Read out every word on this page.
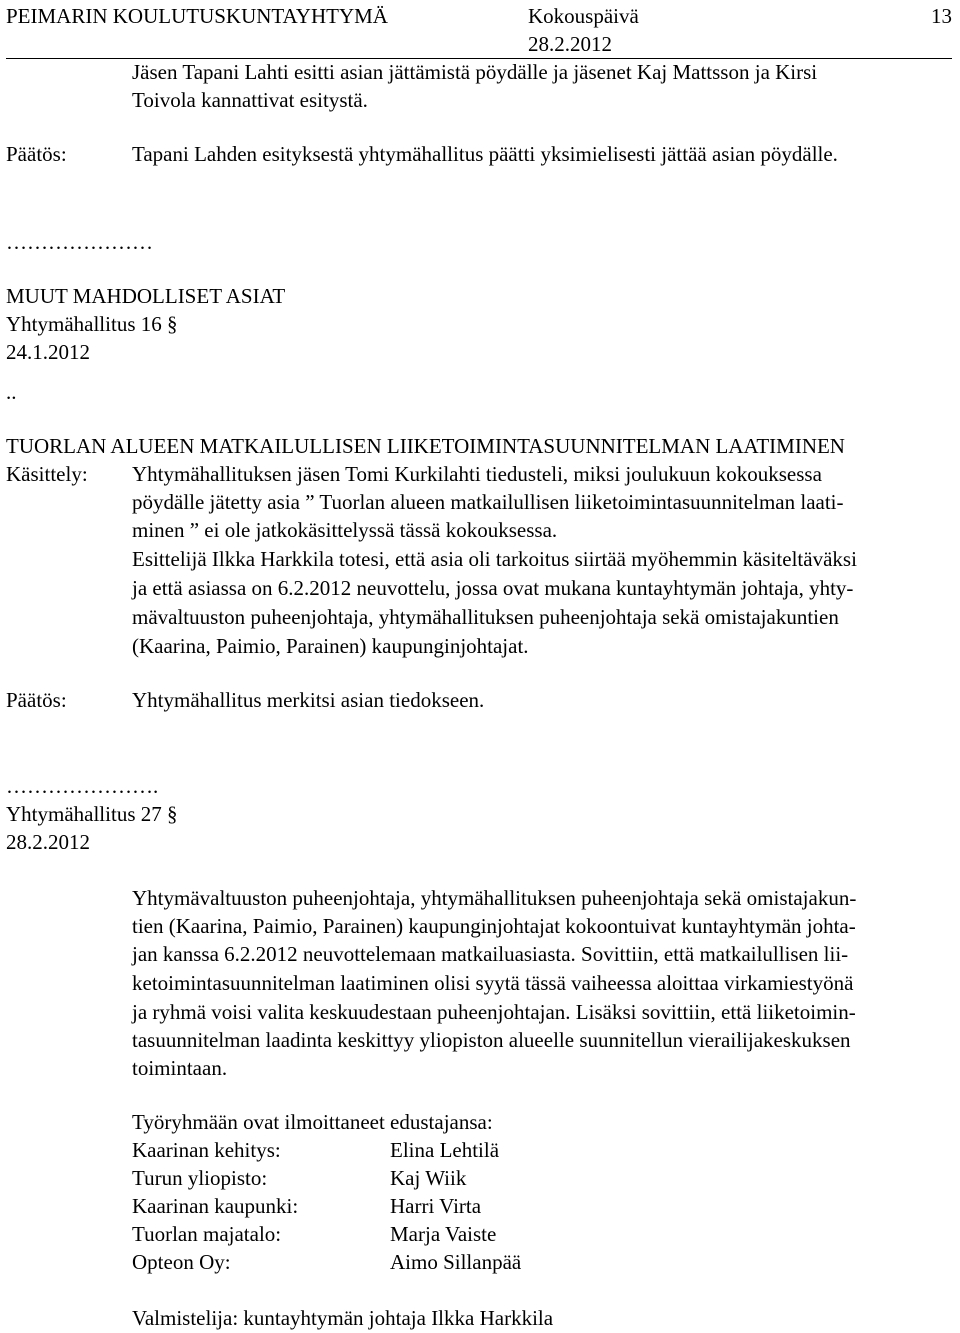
PEIMARIN KOULUTUSKUNTAYHTYMÄ	Kokouspäivä
28.2.2012
13
Jäsen Tapani Lahti esitti asian jättämistä pöydälle ja jäsenet Kaj Mattsson ja Kirsi
Toivola kannattivat esitystä.
Päätös:	Tapani Lahden esityksestä yhtymähallitus päätti yksimielisesti jättää asian pöydälle.
…………………
MUUT MAHDOLLISET ASIAT
Yhtymähallitus 16 §
24.1.2012
..
TUORLAN ALUEEN MATKAILULLISEN LIIKETOIMINTASUUNNITELMAN LAATIMINEN
Käsittely: Yhtymähallituksen jäsen Tomi Kurkilahti tiedusteli, miksi joulukuun kokouksessa
pöydälle jätetty asia ” Tuorlan alueen matkailullisen liiketoimintasuunnitelman laati-
minen ” ei ole jatkokäsittelyssä tässä kokouksessa.
Esittelijä Ilkka Harkkila totesi, että asia oli tarkoitus siirtää myöhemmin käsiteltäväksi
ja että asiassa on 6.2.2012 neuvottelu, jossa ovat mukana kuntayhtymän johtaja, yhty-
mävaltuuston puheenjohtaja, yhtymähallituksen puheenjohtaja sekä omistajakuntien
(Kaarina, Paimio, Parainen) kaupunginjohtajat.
Päätös:	Yhtymähallitus merkitsi asian tiedokseen.
………………….
Yhtymähallitus 27 §
28.2.2012
Yhtymävaltuuston puheenjohtaja, yhtymähallituksen puheenjohtaja sekä omistajakun-
tien (Kaarina, Paimio, Parainen) kaupunginjohtajat kokoontuivat kuntayhtymän johta-
jan kanssa 6.2.2012 neuvottelemaan matkailuasiasta. Sovittiin, että matkailullisen lii-
ketoimintasuunnitelman laatiminen olisi syytä tässä vaiheessa aloittaa virkamiestyönä
ja ryhmä voisi valita keskuudestaan puheenjohtajan. Lisäksi sovittiin, että liiketoimin-
tasuunnitelman laadinta keskittyy yliopiston alueelle suunnitellun vierailijakeskuksen
toimintaan.
Työryhmään ovat ilmoittaneet edustajansa:
Kaarinan kehitys:	Elina Lehtilä
Turun yliopisto:	Kaj Wiik
Kaarinan kaupunki:	Harri Virta
Tuorlan majatalo:	Marja Vaiste
Opteon Oy:	Aimo Sillanpää
Valmistelija: kuntayhtymän johtaja Ilkka Harkkila
